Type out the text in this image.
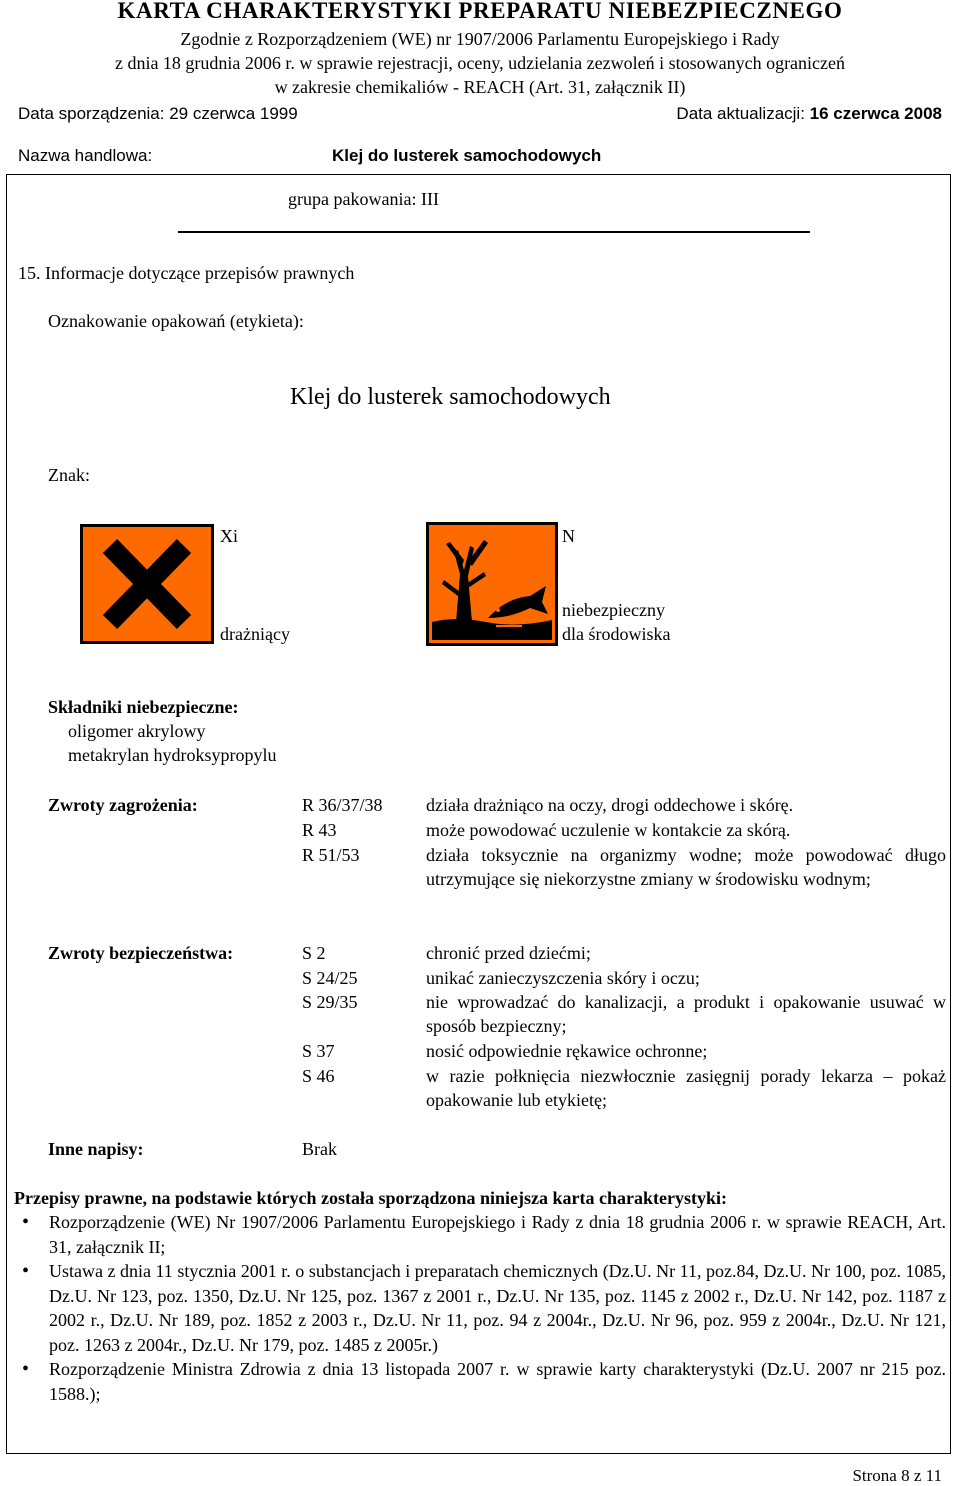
KARTA CHARAKTERYSTYKI PREPARATU NIEBEZPIECZNEGO
Zgodnie z Rozporządzeniem (WE) nr 1907/2006 Parlamentu Europejskiego i Rady
z dnia 18 grudnia 2006 r. w sprawie rejestracji, oceny, udzielania zezwoleń i stosowanych ograniczeń
w zakresie chemikaliów - REACH (Art. 31, załącznik II)
Data sporządzenia: 29 czerwca 1999	Data aktualizacji: 16 czerwca 2008
Nazwa handlowa:	Klej do lusterek samochodowych
grupa pakowania: III
15. Informacje dotyczące przepisów prawnych
Oznakowanie opakowań (etykieta):
Klej do lusterek samochodowych
Znak:
Xi
drażniący
N
niebezpieczny
dla środowiska
Składniki niebezpieczne:
oligomer akrylowy
metakrylan hydroksypropylu
Zwroty zagrożenia:	R 36/37/38 działa drażniąco na oczy, drogi oddechowe i skórę.
R 43	może powodować uczulenie w kontakcie za skórą.
R 51/53	działa toksycznie na organizmy wodne; może powodować długo utrzymujące się niekorzystne zmiany w środowisku wodnym;
Zwroty bezpieczeństwa:	S 2	chronić przed dziećmi;
S 24/25	unikać zanieczyszczenia skóry i oczu;
S 29/35	nie wprowadzać do kanalizacji, a produkt i opakowanie usuwać w sposób bezpieczny;
S 37	nosić odpowiednie rękawice ochronne;
S 46	w razie połknięcia niezwłocznie zasięgnij porady lekarza – pokaż opakowanie lub etykietę;
Inne napisy:	Brak
Przepisy prawne, na podstawie których została sporządzona niniejsza karta charakterystyki:
• Rozporządzenie (WE) Nr 1907/2006 Parlamentu Europejskiego i Rady z dnia 18 grudnia 2006 r. w sprawie REACH, Art. 31, załącznik II;
• Ustawa z dnia 11 stycznia 2001 r. o substancjach i preparatach chemicznych (Dz.U. Nr 11, poz.84, Dz.U. Nr 100, poz. 1085, Dz.U. Nr 123, poz. 1350, Dz.U. Nr 125, poz. 1367 z 2001 r., Dz.U. Nr 135, poz. 1145 z 2002 r., Dz.U. Nr 142, poz. 1187 z 2002 r., Dz.U. Nr 189, poz. 1852 z 2003 r., Dz.U. Nr 11, poz. 94 z 2004r., Dz.U. Nr 96, poz. 959 z 2004r., Dz.U. Nr 121, poz. 1263 z 2004r., Dz.U. Nr 179, poz. 1485 z 2005r.)
• Rozporządzenie Ministra Zdrowia z dnia 13 listopada 2007 r. w sprawie karty charakterystyki (Dz.U. 2007 nr 215 poz. 1588.);
Strona 8 z 11
